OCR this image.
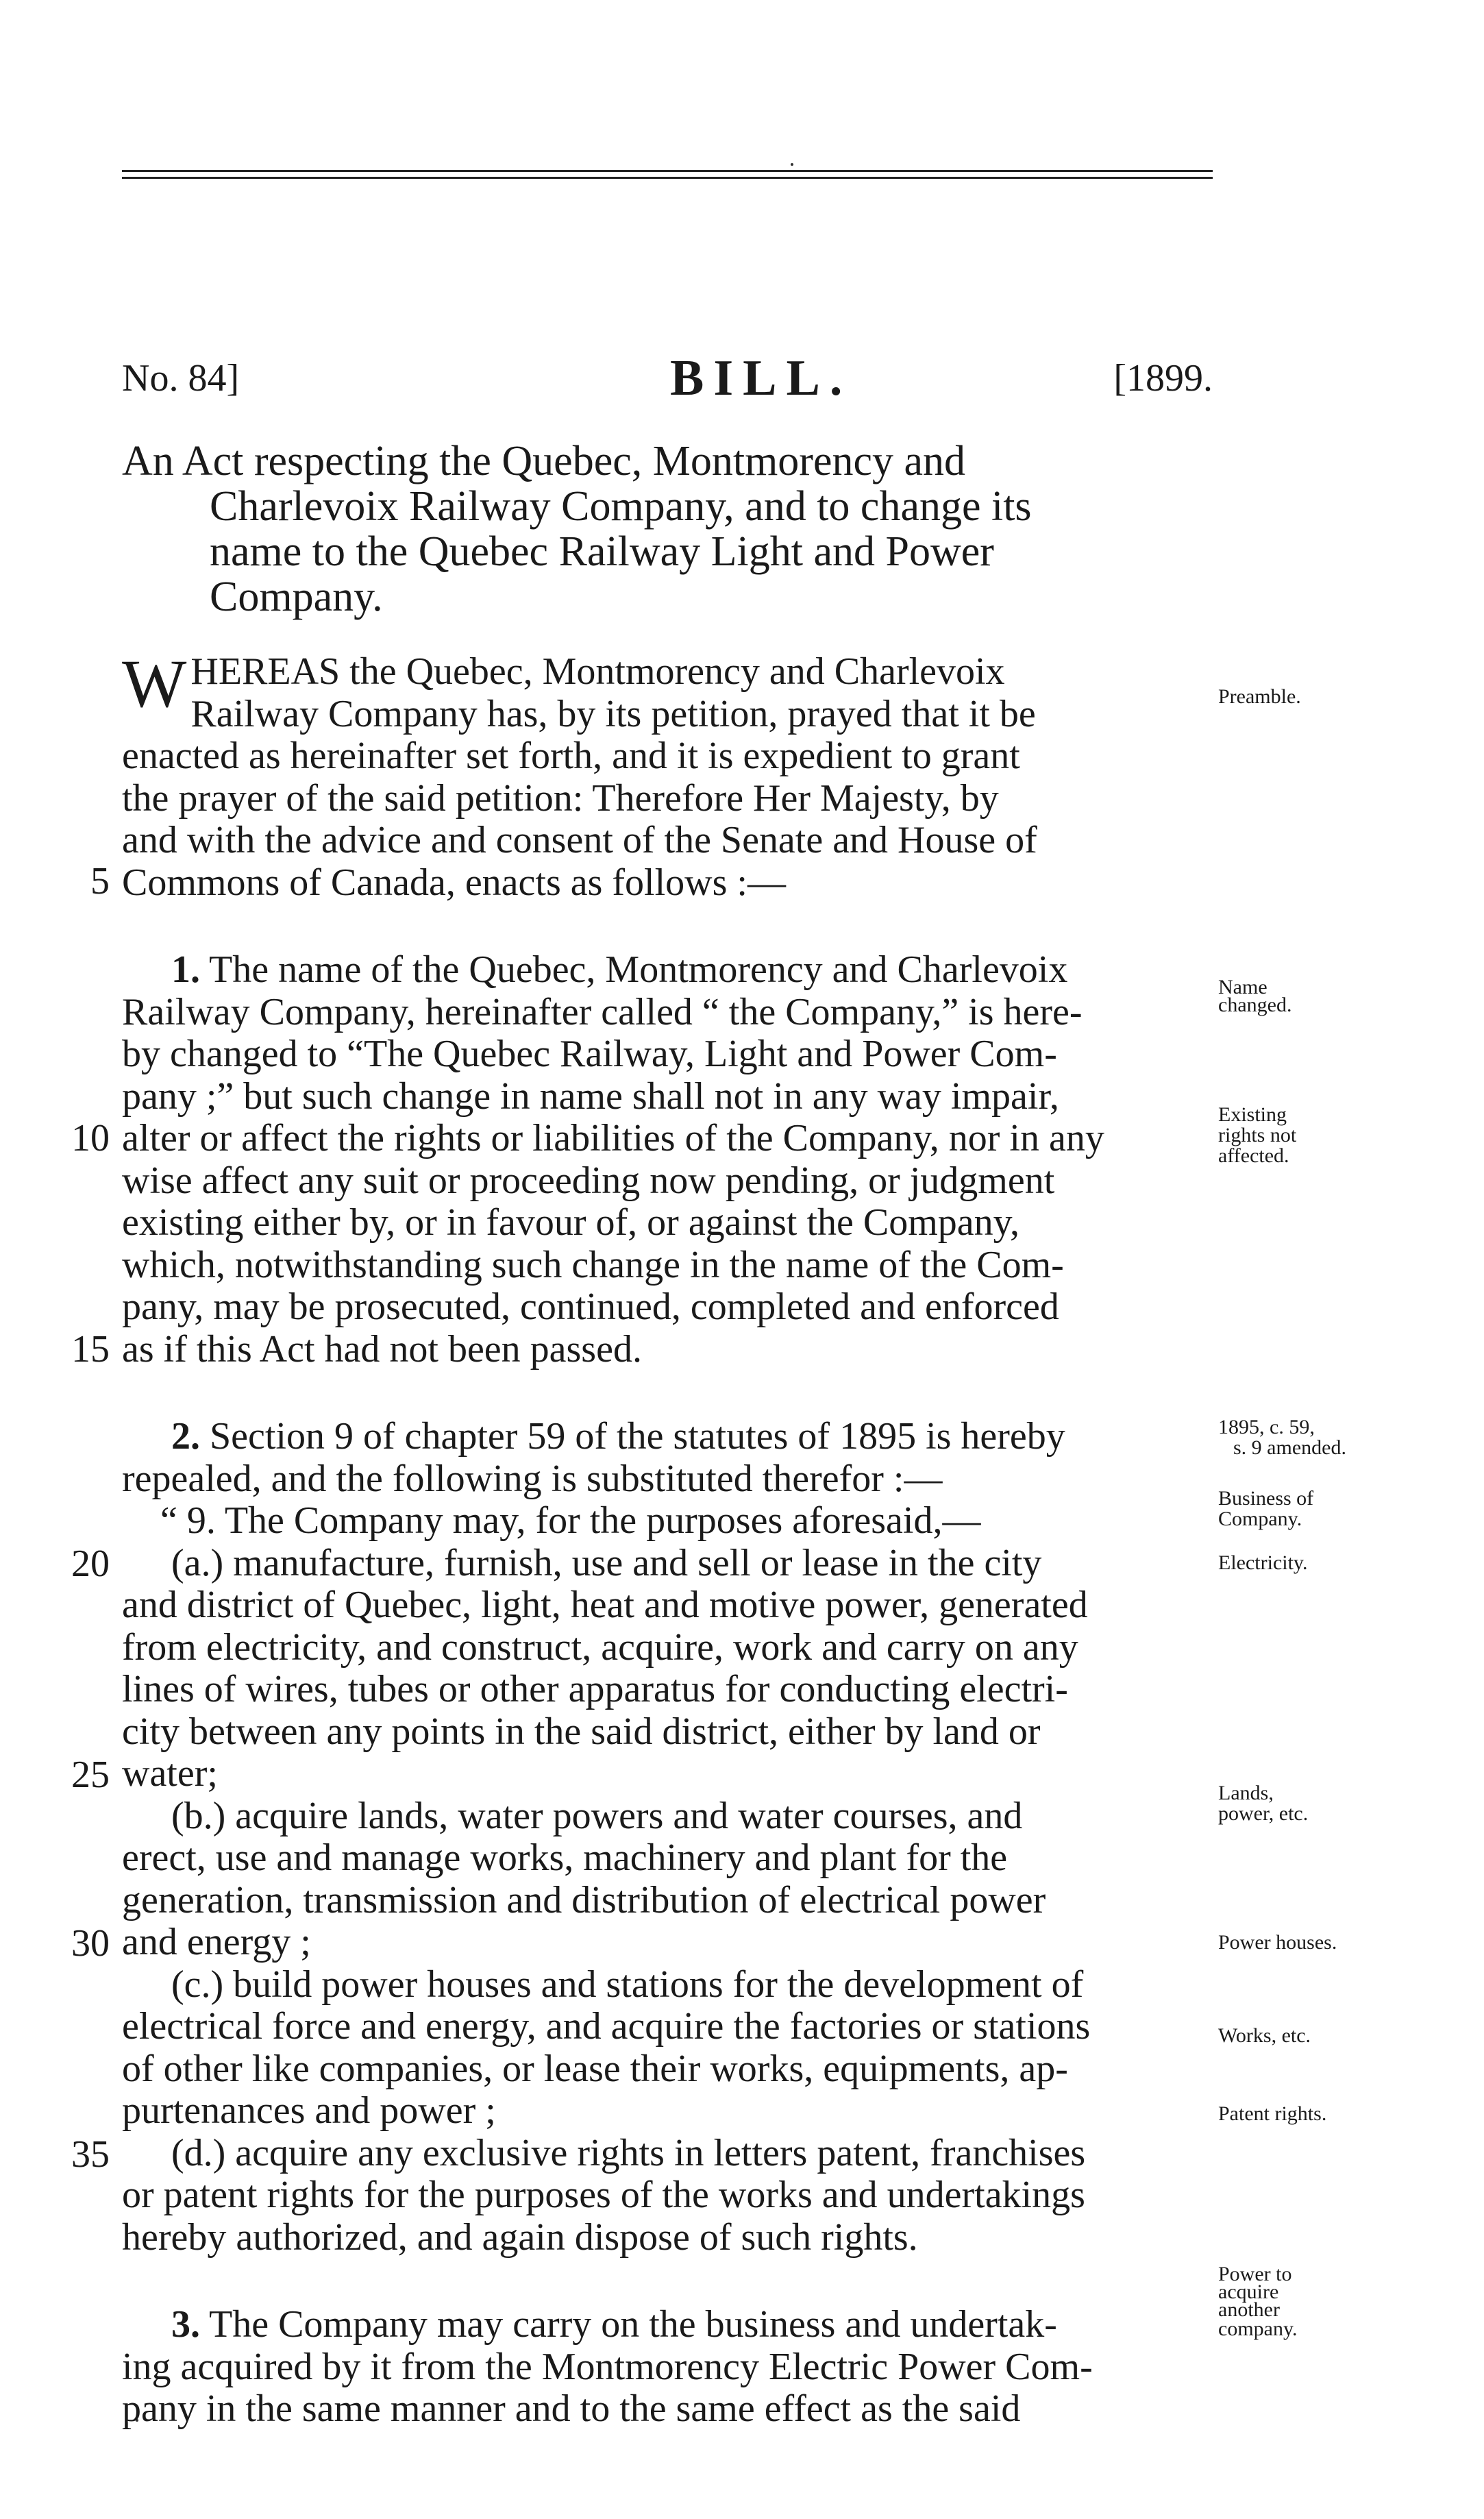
No. 84]	BILL.	[1899.
An Act respecting the Quebec, Montmorency and
Charlevoix Railway Company, and to change its
name to the Quebec Railway Light and Power
Company.
W HEREAS the Quebec, Montmorency and Charlevoix
Railway Company has, by its petition, prayed that it be
enacted as hereinafter set forth, and it is expedient to grant
the prayer of the said petition: Therefore Her Majesty, by
and with the advice and consent of the Senate and House of
Commons of Canada, enacts as follows :—
1. The name of the Quebec, Montmorency and Charlevoix
Railway Company, hereinafter called “ the Company,” is here-
by changed to “The Quebec Railway, Light and Power Com-
pany ;” but such change in name shall not in any way impair,
alter or affect the rights or liabilities of the Company, nor in any
wise affect any suit or proceeding now pending, or judgment
existing either by, or in favour of, or against the Company,
which, notwithstanding such change in the name of the Com-
pany, may be prosecuted, continued, completed and enforced
as if this Act had not been passed.
2. Section 9 of chapter 59 of the statutes of 1895 is hereby
repealed, and the following is substituted therefor :—
“ 9. The Company may, for the purposes aforesaid,—
(a.) manufacture, furnish, use and sell or lease in the city
and district of Quebec, light, heat and motive power, generated
from electricity, and construct, acquire, work and carry on any
lines of wires, tubes or other apparatus for conducting electri-
city between any points in the said district, either by land or
water;
(b.) acquire lands, water powers and water courses, and
erect, use and manage works, machinery and plant for the
generation, transmission and distribution of electrical power
and energy ;
(c.) build power houses and stations for the development of
electrical force and energy, and acquire the factories or stations
of other like companies, or lease their works, equipments, ap-
purtenances and power ;
(d.) acquire any exclusive rights in letters patent, franchises
or patent rights for the purposes of the works and undertakings
hereby authorized, and again dispose of such rights.
3. The Company may carry on the business and undertak-
ing acquired by it from the Montmorency Electric Power Com-
pany in the same manner and to the same effect as the said
5
10
15
20
25
30
35
Preamble.
Name
changed.
Existing
rights not
affected.
1895, c. 59,
s. 9 amended.
Business of
Company.
Electricity.
Lands,
power, etc.
Power houses.
Works, etc.
Patent rights.
Power to
acquire
another
company.
